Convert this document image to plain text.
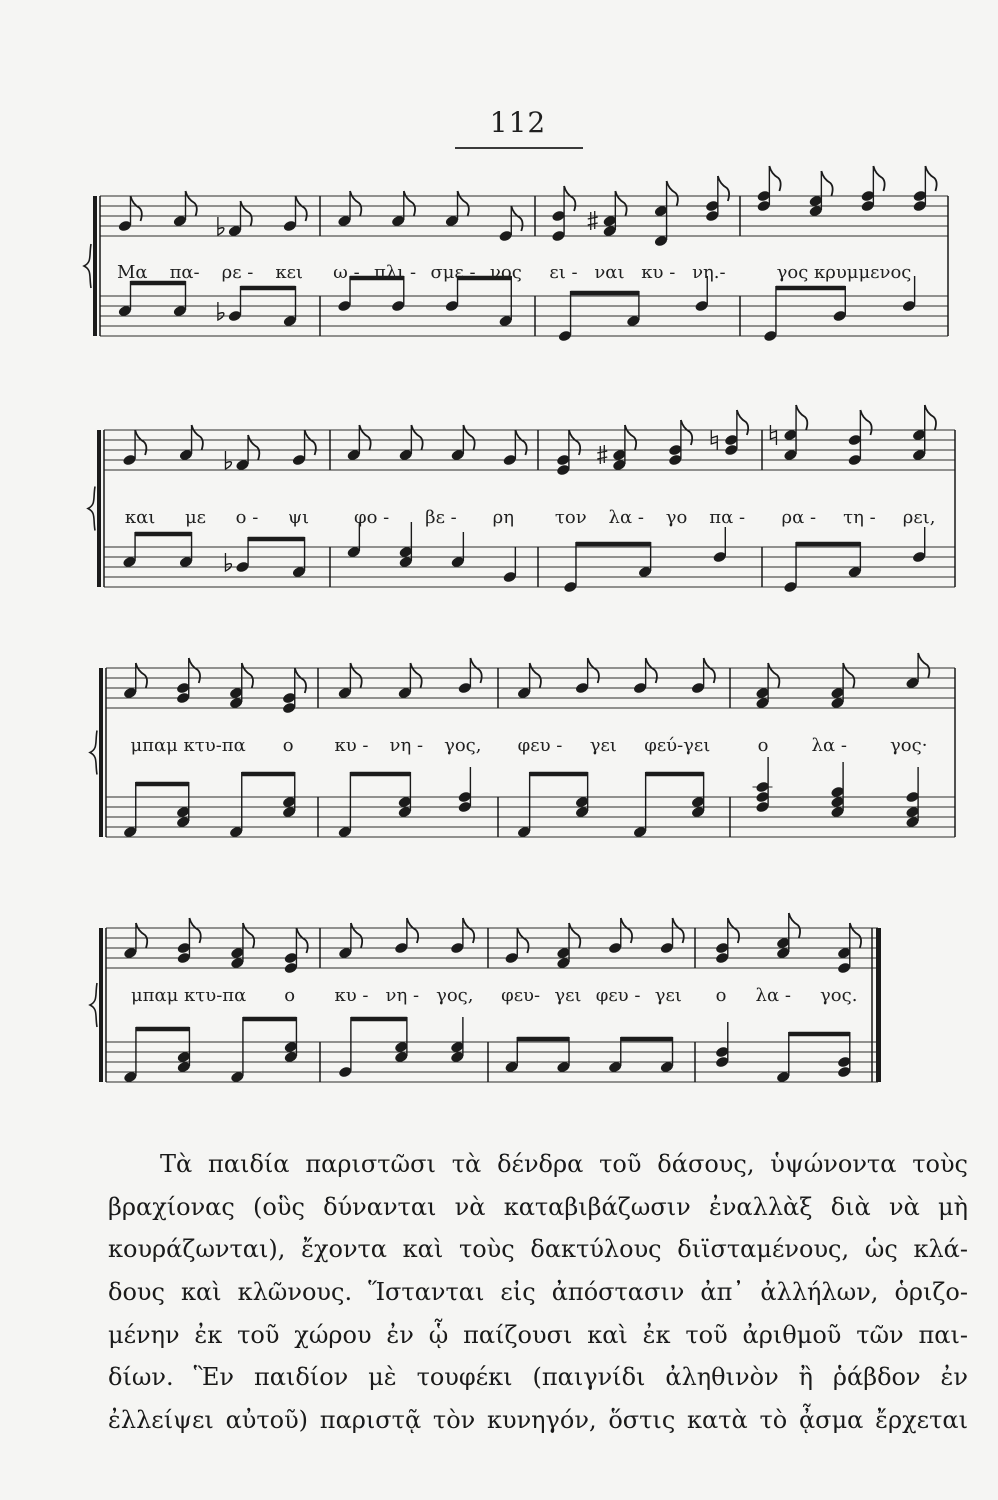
112
Μα πα- ρε - κει ω - πλι - σμε - νος ει - ναι κυ - νη.-	γος κρυμμενος
και με ο - ψι φο - βε - ρη τον λα - γο πα - ρα - τη - ρει,
μπαμ κτυ-πα ο κυ - νη - γος, φευ - γει φεύ-γει	ο λα - γος·
μπαμ κτυ-πα ο κυ - νη - γος, φευ- γει φευ - γει ο λα - γος.
Τὰ παιδία παριστῶσι τὰ δένδρα τοῦ δάσους, ὑψώνοντα τοὺς
βραχίονας (οὓς δύνανται νὰ καταβιβάζωσιν ἐναλλὰξ διὰ νὰ μὴ
κουράζωνται), ἔχοντα καὶ τοὺς δακτύλους διϊσταμένους, ὡς κλά-
δους καὶ κλῶνους. Ἵστανται εἰς ἀπόστασιν ἀπ᾽ ἀλλήλων, ὁριζο-
μένην ἐκ τοῦ χώρου ἐν ᾧ παίζουσι καὶ ἐκ τοῦ ἀριθμοῦ τῶν παι-
δίων. Ἓν παιδίον μὲ τουφέκι (παιγνίδι ἀληθινὸν ἢ ῥάβδον ἐν
ἐλλείψει αὐτοῦ) παριστᾷ τὸν κυνηγόν, ὅστις κατὰ τὸ ᾆσμα ἔρχεται
